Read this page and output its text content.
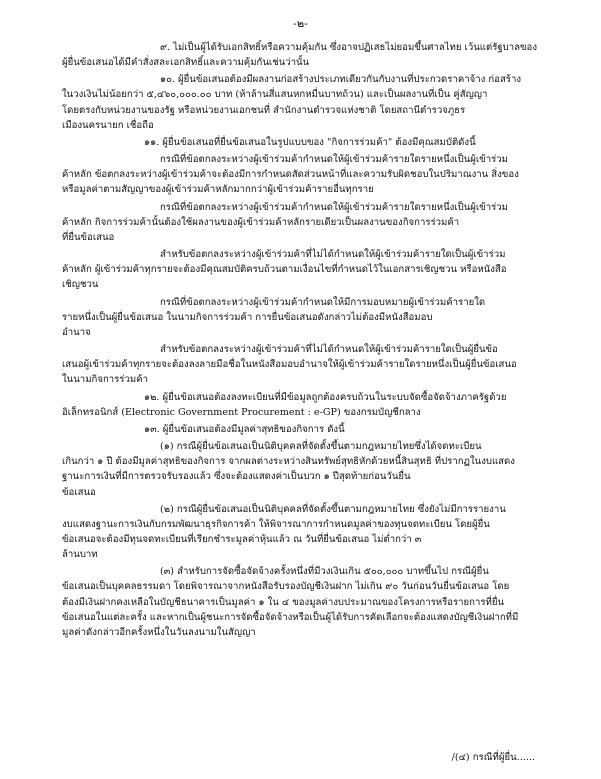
-๒-
๙. ไม่เป็นผู้ได้รับเอกสิทธิ์หรือความคุ้มกัน ซึ่งอาจปฏิเสธไม่ยอมขึ้นศาลไทย เว้นแต่รัฐบาลของ
ผู้ยื่นข้อเสนอได้มีคำสั่งสละเอกสิทธิ์และความคุ้มกันเช่นว่านั้น
๑๐. ผู้ยื่นข้อเสนอต้องมีผลงานก่อสร้างประเภทเดียวกันกับงานที่ประกวดราคาจ้าง ก่อสร้าง
ในวงเงินไม่น้อยกว่า ๕,๔๖๐,๐๐๐.๐๐ บาท (ห้าล้านสี่แสนหกหมื่นบาทถ้วน) และเป็นผลงานที่เป็น คู่สัญญา
โดยตรงกับหน่วยงานของรัฐ หรือหน่วยงานเอกชนที่ สำนักงานตำรวจแห่งชาติ โดยสถานีตำรวจภูธร
เมืองนครนายก เชื่อถือ
๑๑. ผู้ยื่นข้อเสนอที่ยื่นข้อเสนอในรูปแบบของ "กิจการร่วมค้า" ต้องมีคุณสมบัติดังนี้
กรณีที่ข้อตกลงระหว่างผู้เข้าร่วมค้ากำหนดให้ผู้เข้าร่วมค้ารายใดรายหนึ่งเป็นผู้เข้าร่วม
ค้าหลัก ข้อตกลงระหว่างผู้เข้าร่วมค้าจะต้องมีการกำหนดสัดส่วนหน้าที่และความรับผิดชอบในปริมาณงาน สิ่งของ
หรือมูลค่าตามสัญญาของผู้เข้าร่วมค้าหลักมากกว่าผู้เข้าร่วมค้ารายอื่นทุกราย
กรณีที่ข้อตกลงระหว่างผู้เข้าร่วมค้ากำหนดให้ผู้เข้าร่วมค้ารายใดรายหนึ่งเป็นผู้เข้าร่วม
ค้าหลัก กิจการร่วมค้านั้นต้องใช้ผลงานของผู้เข้าร่วมค้าหลักรายเดียวเป็นผลงานของกิจการร่วมค้า
ที่ยื่นข้อเสนอ
สำหรับข้อตกลงระหว่างผู้เข้าร่วมค้าที่ไม่ได้กำหนดให้ผู้เข้าร่วมค้ารายใดเป็นผู้เข้าร่วม
ค้าหลัก ผู้เข้าร่วมค้าทุกรายจะต้องมีคุณสมบัติครบถ้วนตามเงื่อนไขที่กำหนดไว้ในเอกสารเชิญชวน หรือหนังสือ
เชิญชวน
กรณีที่ข้อตกลงระหว่างผู้เข้าร่วมค้ากำหนดให้มีการมอบหมายผู้เข้าร่วมค้ารายใด
รายหนึ่งเป็นผู้ยื่นข้อเสนอ ในนามกิจการร่วมค้า การยื่นข้อเสนอดังกล่าวไม่ต้องมีหนังสือมอบ
อำนาจ
สำหรับข้อตกลงระหว่างผู้เข้าร่วมค้าที่ไม่ได้กำหนดให้ผู้เข้าร่วมค้ารายใดเป็นผู้ยื่นข้อ
เสนอผู้เข้าร่วมค้าทุกรายจะต้องลงลายมือชื่อในหนังสือมอบอำนาจให้ผู้เข้าร่วมค้ารายใดรายหนึ่งเป็นผู้ยื่นข้อเสนอ
ในนามกิจการร่วมค้า
๑๒. ผู้ยื่นข้อเสนอต้องลงทะเบียนที่มีข้อมูลถูกต้องครบถ้วนในระบบจัดซื้อจัดจ้างภาครัฐด้วย
อิเล็กทรอนิกส์ (Electronic Government Procurement : e-GP) ของกรมบัญชีกลาง
๑๓. ผู้ยื่นข้อเสนอต้องมีมูลค่าสุทธิของกิจการ ดังนี้
(๑) กรณีผู้ยื่นข้อเสนอเป็นนิติบุคคลที่จัดตั้งขึ้นตามกฎหมายไทยซึ่งได้จดทะเบียน
เกินกว่า ๑ ปี ต้องมีมูลค่าสุทธิของกิจการ จากผลต่างระหว่างสินทรัพย์สุทธิหักด้วยหนี้สินสุทธิ ที่ปรากฏในงบแสดง
ฐานะการเงินที่มีการตรวจรับรองแล้ว ซึ่งจะต้องแสดงค่าเป็นบวก ๑ ปีสุดท้ายก่อนวันยื่น
ข้อเสนอ
(๒) กรณีผู้ยื่นข้อเสนอเป็นนิติบุคคลที่จัดตั้งขึ้นตามกฎหมายไทย ซึ่งยังไม่มีการรายงาน
งบแสดงฐานะการเงินกับกรมพัฒนาธุรกิจการค้า ให้พิจารณาการกำหนดมูลค่าของทุนจดทะเบียน โดยผู้ยื่น
ข้อเสนอจะต้องมีทุนจดทะเบียนที่เรียกชำระมูลค่าหุ้นแล้ว ณ วันที่ยื่นข้อเสนอ ไม่ต่ำกว่า ๓
ล้านบาท
(๓) สำหรับการจัดซื้อจัดจ้างครั้งหนึ่งที่มีวงเงินเกิน ๕๐๐,๐๐๐ บาทขึ้นไป กรณีผู้ยื่น
ข้อเสนอเป็นบุคคลธรรมดา โดยพิจารณาจากหนังสือรับรองบัญชีเงินฝาก ไม่เกิน ๙๐ วันก่อนวันยื่นข้อเสนอ โดย
ต้องมีเงินฝากคงเหลือในบัญชีธนาคารเป็นมูลค่า ๑ ใน ๔ ของมูลค่างบประมาณของโครงการหรือรายการที่ยื่น
ข้อเสนอในแต่ละครั้ง และหากเป็นผู้ชนะการจัดซื้อจัดจ้างหรือเป็นผู้ได้รับการคัดเลือกจะต้องแสดงบัญชีเงินฝากที่มี
มูลค่าดังกล่าวอีกครั้งหนึ่งในวันลงนามในสัญญา
/(๔) กรณีที่ผู้ยื่น......
